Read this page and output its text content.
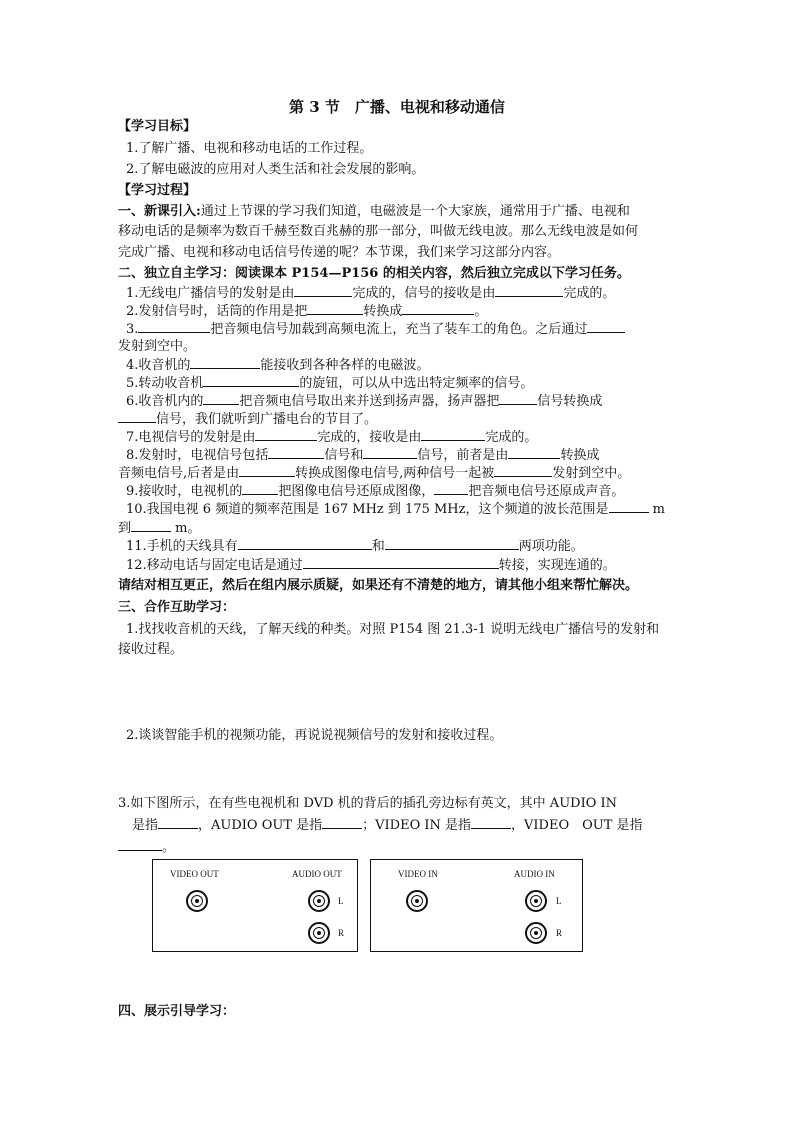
第 3 节　广播、电视和移动通信
【学习目标】
1.了解广播、电视和移动电话的工作过程。
2.了解电磁波的应用对人类生活和社会发展的影响。
【学习过程】
一、新课引入:通过上节课的学习我们知道，电磁波是一个大家族，通常用于广播、电视和
移动电话的是频率为数百千赫至数百兆赫的那一部分，叫做无线电波。那么无线电波是如何
完成广播、电视和移动电话信号传递的呢？本节课，我们来学习这部分内容。
二、独立自主学习：阅读课本 P154—P156 的相关内容，然后独立完成以下学习任务。
1.无线电广播信号的发射是由	完成的，信号的接收是由	完成的。
2.发射信号时，话筒的作用是把	转换成	。
3.	把音频电信号加载到高频电流上，充当了装车工的角色。之后通过
发射到空中。
4.收音机的	能接收到各种各样的电磁波。
5.转动收音机	的旋钮，可以从中选出特定频率的信号。
6.收音机内的	把音频电信号取出来并送到扬声器，扬声器把	信号转换成
信号，我们就听到广播电台的节目了。
7.电视信号的发射是由	完成的，接收是由	完成的。
8.发射时，电视信号包括	信号和	信号，前者是由	转换成
音频电信号,后者是由	转换成图像电信号,两种信号一起被	发射到空中。
9.接收时，电视机的	把图像电信号还原成图像，	把音频电信号还原成声音。
10.我国电视 6 频道的频率范围是 167 MHz 到 175 MHz，这个频道的波长范围是	m
到	m。
11.手机的天线具有	和	两项功能。
12.移动电话与固定电话是通过	转接，实现连通的。
请结对相互更正，然后在组内展示质疑，如果还有不清楚的地方，请其他小组来帮忙解决。
三、合作互助学习：
1.找找收音机的天线，了解天线的种类。对照 P154 图 21.3-1 说明无线电广播信号的发射和
接收过程。
2.谈谈智能手机的视频功能，再说说视频信号的发射和接收过程。
3.如下图所示，在有些电视机和 DVD 机的背后的插孔旁边标有英文，其中 AUDIO IN
是指	，AUDIO OUT 是指	；VIDEO IN 是指	，VIDEO　OUT 是指
。
VIDEO OUT	AUDIO OUT
L
R
VIDEO IN	AUDIO IN
L
R
四、展示引导学习：
